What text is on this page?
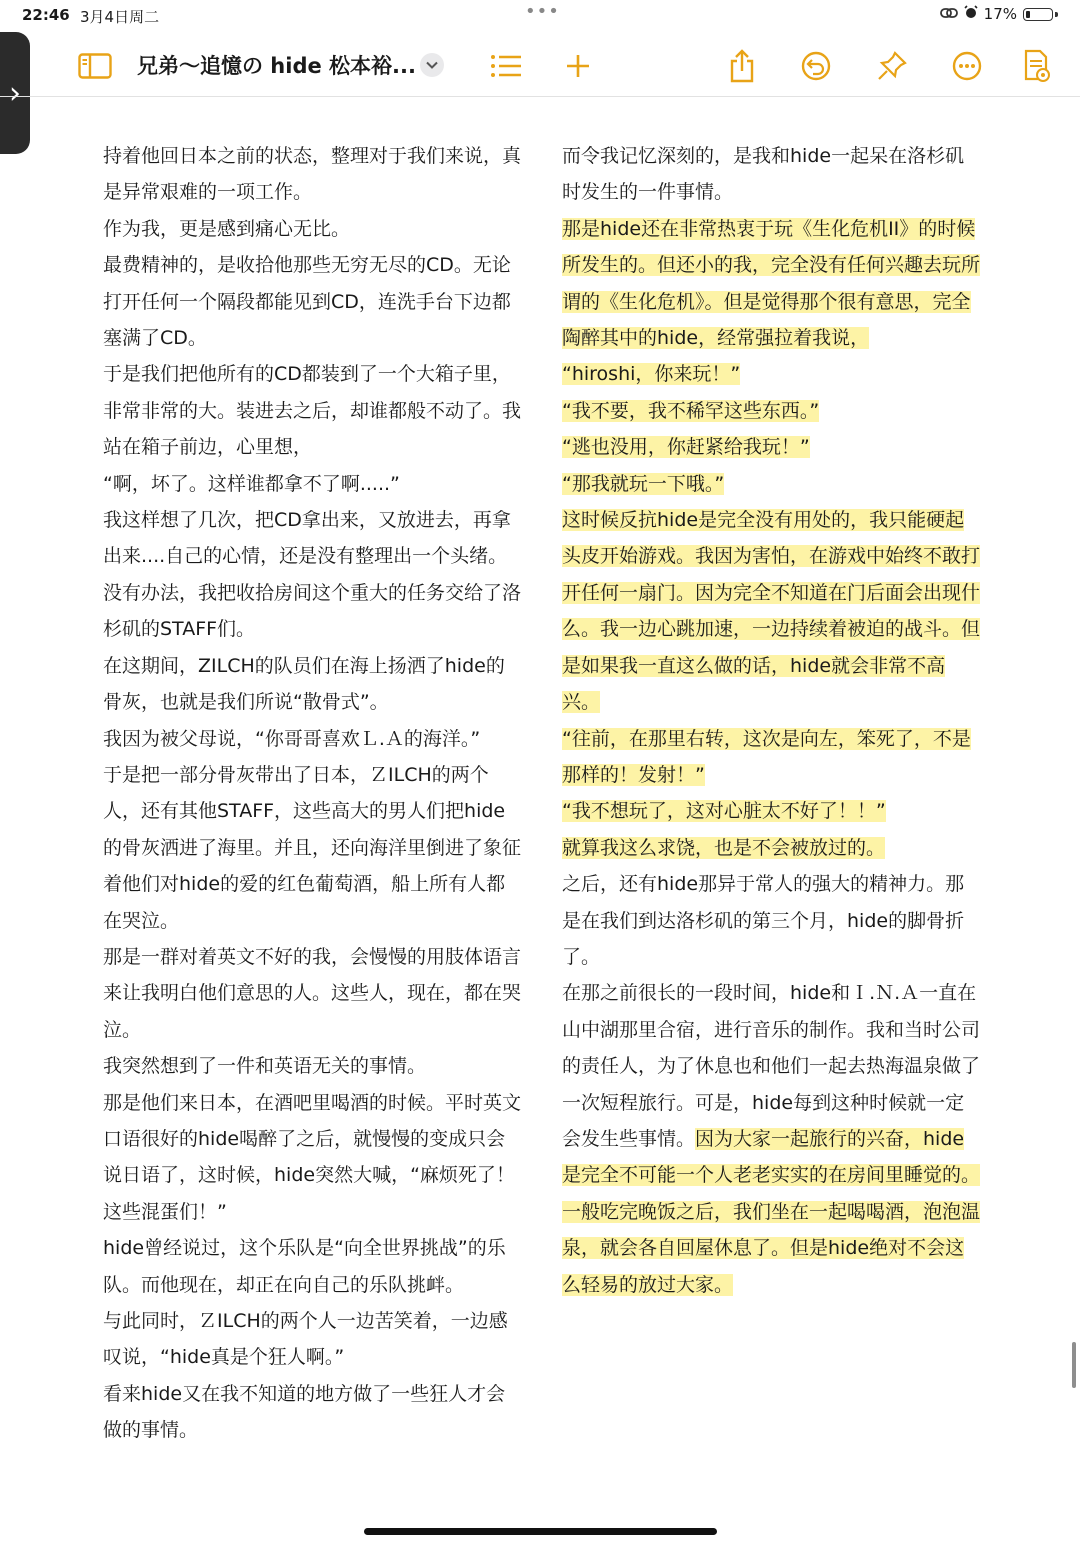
22:46 3月4日周二	•••	17%
›
兄弟～追憶の hide 松本裕...

持着他回日本之前的状态，整理对于我们来说，真是异常艰难的一项工作。

作为我，更是感到痛心无比。

最费精神的，是收拾他那些无穷无尽的CD。无论打开任何一个隔段都能见到CD，连洗手台下边都塞满了CD。

于是我们把他所有的CD都装到了一个大箱子里，非常非常的大。装进去之后，却谁都般不动了。我站在箱子前边，心里想，

“啊，坏了。这样谁都拿不了啊.....”

我这样想了几次，把CD拿出来，又放进去，再拿出来....自己的心情，还是没有整理出一个头绪。没有办法，我把收拾房间这个重大的任务交给了洛杉矶的STAFF们。

在这期间，ZILCH的队员们在海上扬洒了hide的骨灰，也就是我们所说“散骨式”。

我因为被父母说，“你哥哥喜欢Ｌ.Ａ的海洋。”

于是把一部分骨灰带出了日本，ＺILCH的两个人，还有其他STAFF，这些高大的男人们把hide的骨灰洒进了海里。并且，还向海洋里倒进了象征着他们对hide的爱的红色葡萄酒，船上所有人都在哭泣。

那是一群对着英文不好的我，会慢慢的用肢体语言来让我明白他们意思的人。这些人，现在，都在哭泣。

我突然想到了一件和英语无关的事情。

那是他们来日本，在酒吧里喝酒的时候。平时英文口语很好的hide喝醉了之后，就慢慢的变成只会说日语了，这时候，hide突然大喊，“麻烦死了！这些混蛋们！”

hide曾经说过，这个乐队是“向全世界挑战”的乐队。而他现在，却正在向自己的乐队挑衅。

与此同时，ＺILCH的两个人一边苦笑着，一边感叹说，“hide真是个狂人啊。”

看来hide又在我不知道的地方做了一些狂人才会做的事情。

而令我记忆深刻的，是我和hide一起呆在洛杉矶时发生的一件事情。

那是hide还在非常热衷于玩《生化危机II》的时候所发生的。但还小的我，完全没有任何兴趣去玩所谓的《生化危机》。但是觉得那个很有意思，完全陶醉其中的hide，经常强拉着我说，

“hiroshi，你来玩！”

“我不要，我不稀罕这些东西。”

“逃也没用，你赶紧给我玩！”

“那我就玩一下哦。”

这时候反抗hide是完全没有用处的，我只能硬起头皮开始游戏。我因为害怕，在游戏中始终不敢打开任何一扇门。因为完全不知道在门后面会出现什么。我一边心跳加速，一边持续着被迫的战斗。但是如果我一直这么做的话，hide就会非常不高兴。

“往前，在那里右转，这次是向左，笨死了，不是那样的！发射！”

“我不想玩了，这对心脏太不好了！！”

就算我这么求饶，也是不会被放过的。

之后，还有hide那异于常人的强大的精神力。那是在我们到达洛杉矶的第三个月，hide的脚骨折了。

在那之前很长的一段时间，hide和Ｉ.Ｎ.Ａ一直在山中湖那里合宿，进行音乐的制作。我和当时公司的责任人，为了休息也和他们一起去热海温泉做了一次短程旅行。可是，hide每到这种时候就一定会发生些事情。因为大家一起旅行的兴奋，hide是完全不可能一个人老老实实的在房间里睡觉的。一般吃完晚饭之后，我们坐在一起喝喝酒，泡泡温泉，就会各自回屋休息了。但是hide绝对不会这么轻易的放过大家。
